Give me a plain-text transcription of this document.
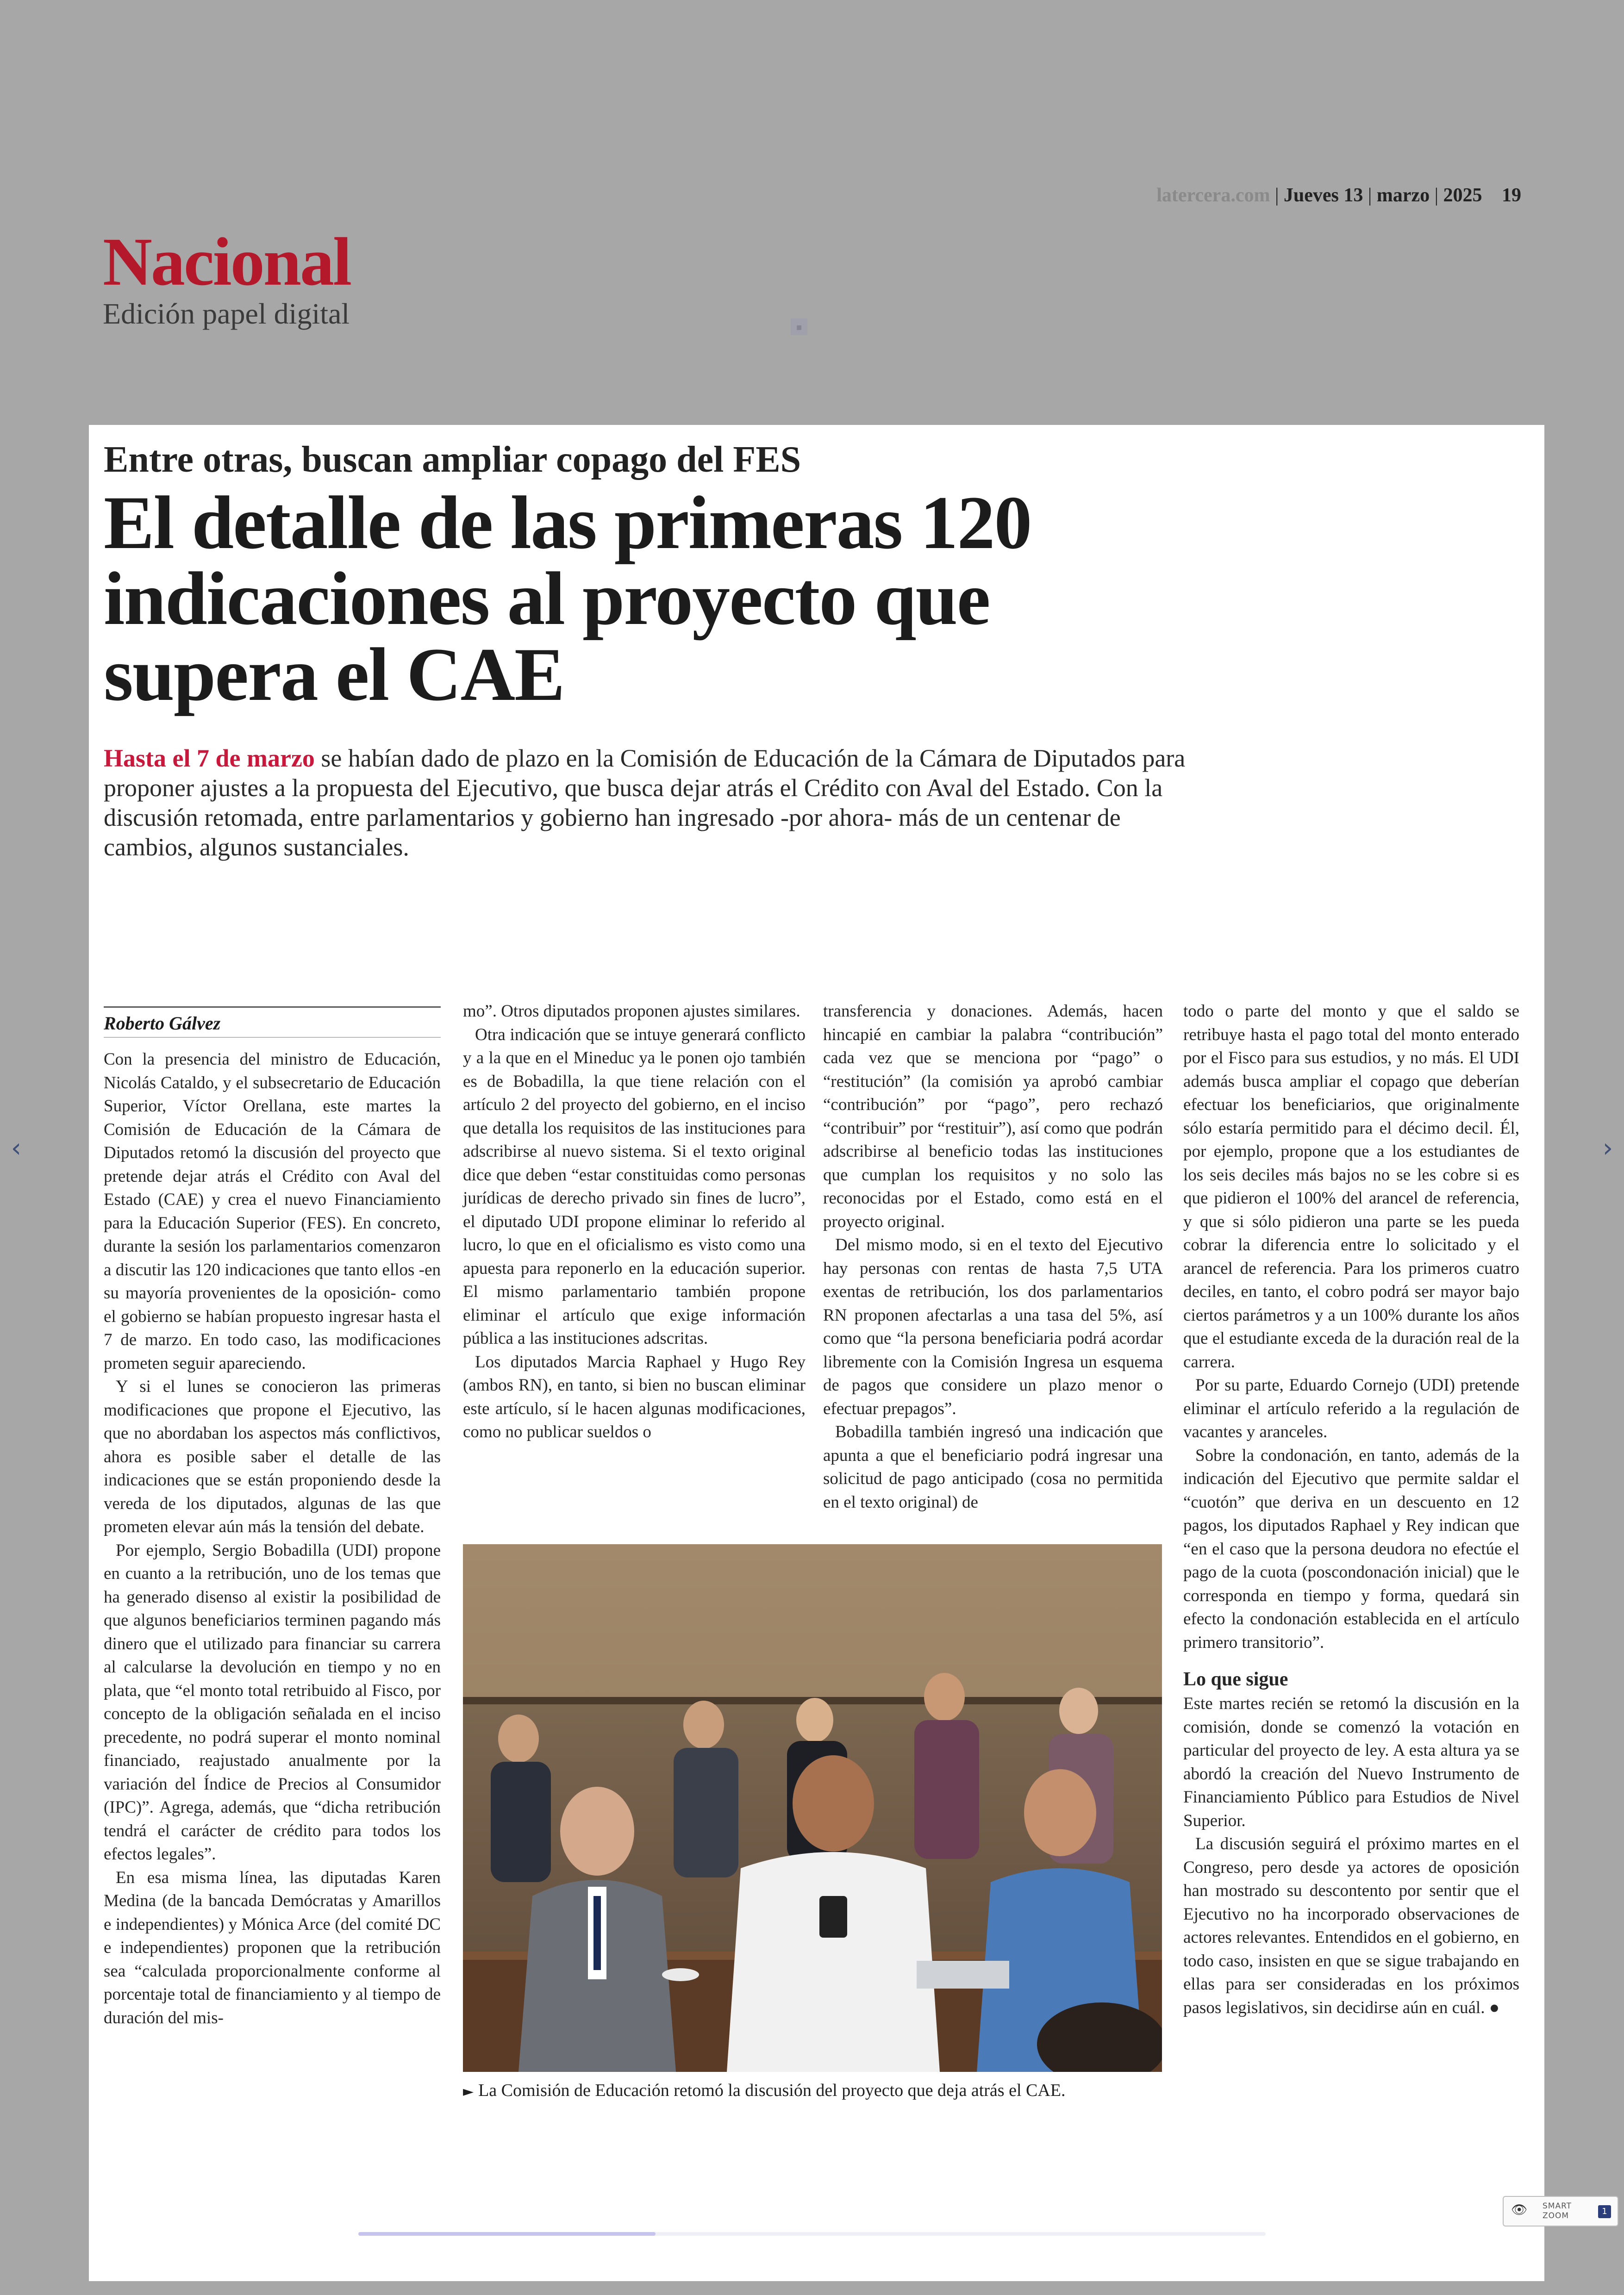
latercera.com | Jueves 13 | marzo | 2025 19
Nacional
Edición papel digital	▪
‹	›
Entre otras, buscan ampliar copago del FES
El detalle de las primeras 120 indicaciones al proyecto que supera el CAE
Hasta el 7 de marzo se habían dado de plazo en la Comisión de Educación de la Cámara de Diputados para proponer ajustes a la propuesta del Ejecutivo, que busca dejar atrás el Crédito con Aval del Estado. Con la discusión retomada, entre parlamentarios y gobierno han ingresado -por ahora- más de un centenar de cambios, algunos sustanciales.
Roberto Gálvez

Con la presencia del ministro de Educación, Nicolás Cataldo, y el subsecretario de Educación Superior, Víctor Orellana, este martes la Comisión de Educación de la Cámara de Diputados retomó la discusión del proyecto que pretende dejar atrás el Crédito con Aval del Estado (CAE) y crea el nuevo Financiamiento para la Educación Superior (FES). En concreto, durante la sesión los parlamentarios comenzaron a discutir las 120 indicaciones que tanto ellos -en su mayoría provenientes de la oposición- como el gobierno se habían propuesto ingresar hasta el 7 de marzo. En todo caso, las modificaciones prometen seguir apareciendo.

Y si el lunes se conocieron las primeras modificaciones que propone el Ejecutivo, las que no abordaban los aspectos más conflictivos, ahora es posible saber el detalle de las indicaciones que se están proponiendo desde la vereda de los diputados, algunas de las que prometen elevar aún más la tensión del debate.

Por ejemplo, Sergio Bobadilla (UDI) propone en cuanto a la retribución, uno de los temas que ha generado disenso al existir la posibilidad de que algunos beneficiarios terminen pagando más dinero que el utilizado para financiar su carrera al calcularse la devolución en tiempo y no en plata, que “el monto total retribuido al Fisco, por concepto de la obligación señalada en el inciso precedente, no podrá superar el monto nominal financiado, reajustado anualmente por la variación del Índice de Precios al Consumidor (IPC)”. Agrega, además, que “dicha retribución tendrá el carácter de crédito para todos los efectos legales”.

En esa misma línea, las diputadas Karen Medina (de la bancada Demócratas y Amarillos e independientes) y Mónica Arce (del comité DC e independientes) proponen que la retribución sea “calculada proporcionalmente conforme al porcentaje total de financiamiento y al tiempo de duración del mis-

mo”. Otros diputados proponen ajustes similares.

Otra indicación que se intuye generará conflicto y a la que en el Mineduc ya le ponen ojo también es de Bobadilla, la que tiene relación con el artículo 2 del proyecto del gobierno, en el inciso que detalla los requisitos de las instituciones para adscribirse al nuevo sistema. Si el texto original dice que deben “estar constituidas como personas jurídicas de derecho privado sin fines de lucro”, el diputado UDI propone eliminar lo referido al lucro, lo que en el oficialismo es visto como una apuesta para reponerlo en la educación superior. El mismo parlamentario también propone eliminar el artículo que exige información pública a las instituciones adscritas.

Los diputados Marcia Raphael y Hugo Rey (ambos RN), en tanto, si bien no buscan eliminar este artículo, sí le hacen algunas modificaciones, como no publicar sueldos o

transferencia y donaciones. Además, hacen hincapié en cambiar la palabra “contribución” cada vez que se menciona por “pago” o “restitución” (la comisión ya aprobó cambiar “contribución” por “pago”, pero rechazó “contribuir” por “restituir”), así como que podrán adscribirse al beneficio todas las instituciones que cumplan los requisitos y no solo las reconocidas por el Estado, como está en el proyecto original.

Del mismo modo, si en el texto del Ejecutivo hay personas con rentas de hasta 7,5 UTA exentas de retribución, los dos parlamentarios RN proponen afectarlas a una tasa del 5%, así como que “la persona beneficiaria podrá acordar libremente con la Comisión Ingresa un esquema de pagos que considere un plazo menor o efectuar prepagos”.

Bobadilla también ingresó una indicación que apunta a que el beneficiario podrá ingresar una solicitud de pago anticipado (cosa no permitida en el texto original) de

todo o parte del monto y que el saldo se retribuye hasta el pago total del monto enterado por el Fisco para sus estudios, y no más. El UDI además busca ampliar el copago que deberían efectuar los beneficiarios, que originalmente sólo estaría permitido para el décimo decil. Él, por ejemplo, propone que a los estudiantes de los seis deciles más bajos no se les cobre si es que pidieron el 100% del arancel de referencia, y que si sólo pidieron una parte se les pueda cobrar la diferencia entre lo solicitado y el arancel de referencia. Para los primeros cuatro deciles, en tanto, el cobro podrá ser mayor bajo ciertos parámetros y a un 100% durante los años que el estudiante exceda de la duración real de la carrera.

Por su parte, Eduardo Cornejo (UDI) pretende eliminar el artículo referido a la regulación de vacantes y aranceles.

Sobre la condonación, en tanto, además de la indicación del Ejecutivo que permite saldar el “cuotón” que deriva en un descuento en 12 pagos, los diputados Raphael y Rey indican que “en el caso que la persona deudora no efectúe el pago de la cuota (poscondonación inicial) que le corresponda en tiempo y forma, quedará sin efecto la condonación establecida en el artículo primero transitorio”.

Lo que sigue

Este martes recién se retomó la discusión en la comisión, donde se comenzó la votación en particular del proyecto de ley. A esta altura ya se abordó la creación del Nuevo Instrumento de Financiamiento Público para Estudios de Nivel Superior.

La discusión seguirá el próximo martes en el Congreso, pero desde ya actores de oposición han mostrado su descontento por sentir que el Ejecutivo no ha incorporado observaciones de actores relevantes. Entendidos en el gobierno, en todo caso, insisten en que se sigue trabajando en ellas para ser consideradas en los próximos pasos legislativos, sin decidirse aún en cuál. ●

► La Comisión de Educación retomó la discusión del proyecto que deja atrás el CAE.
👁 SMART
ZOOM	1
